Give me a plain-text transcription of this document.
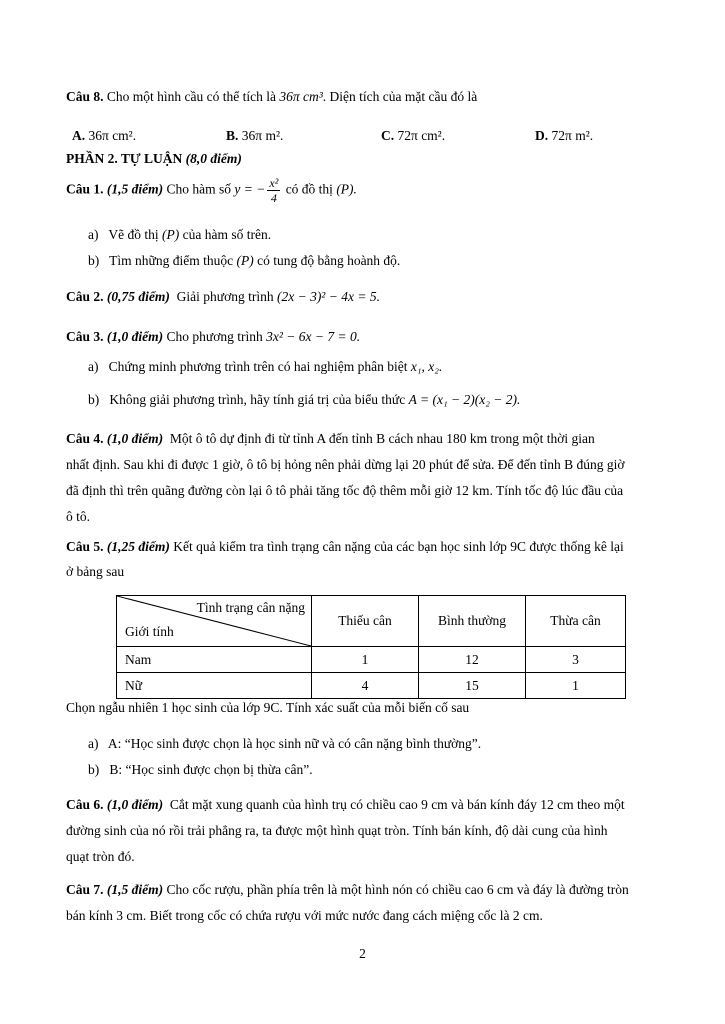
Câu 8. Cho một hình cầu có thể tích là 36π cm³. Diện tích của mặt cầu đó là
A. 36π cm².	B. 36π m².	C. 72π cm².	D. 72π m².
PHẦN 2. TỰ LUẬN (8,0 điểm)
Câu 1. (1,5 điểm) Cho hàm số y = − $\frac{\text{x²}}{4}$ có đồ thị (P).
a) Vẽ đồ thị (P) của hàm số trên.
b) Tìm những điểm thuộc (P) có tung độ bằng hoành độ.
Câu 2. (0,75 điểm) Giải phương trình (2x − 3)² − 4x = 5.
Câu 3. (1,0 điểm) Cho phương trình 3x² − 6x − 7 = 0.
a) Chứng minh phương trình trên có hai nghiệm phân biệt x₁, x₂.
b) Không giải phương trình, hãy tính giá trị của biểu thức A = (x₁ − 2)(x₂ − 2).
Câu 4. (1,0 điểm) Một ô tô dự định đi từ tỉnh A đến tỉnh B cách nhau 180 km trong một thời gian
nhất định. Sau khi đi được 1 giờ, ô tô bị hỏng nên phải dừng lại 20 phút để sửa. Để đến tỉnh B đúng giờ
đã định thì trên quãng đường còn lại ô tô phải tăng tốc độ thêm mỗi giờ 12 km. Tính tốc độ lúc đầu của
ô tô.
Câu 5. (1,25 điểm) Kết quả kiểm tra tình trạng cân nặng của các bạn học sinh lớp 9C được thống kê lại
ở bảng sau
Tình trạng cân nặng
Giới tính	Thiếu cân	Bình thường	Thừa cân
Nam	1	12	3
Nữ	4	15	1
Chọn ngẫu nhiên 1 học sinh của lớp 9C. Tính xác suất của mỗi biến cố sau
a) A: “Học sinh được chọn là học sinh nữ và có cân nặng bình thường”.
b) B: “Học sinh được chọn bị thừa cân”.
Câu 6. (1,0 điểm) Cắt mặt xung quanh của hình trụ có chiều cao 9 cm và bán kính đáy 12 cm theo một
đường sinh của nó rồi trải phẳng ra, ta được một hình quạt tròn. Tính bán kính, độ dài cung của hình
quạt tròn đó.
Câu 7. (1,5 điểm) Cho cốc rượu, phần phía trên là một hình nón có chiều cao 6 cm và đáy là đường tròn
bán kính 3 cm. Biết trong cốc có chứa rượu với mức nước đang cách miệng cốc là 2 cm.
2
